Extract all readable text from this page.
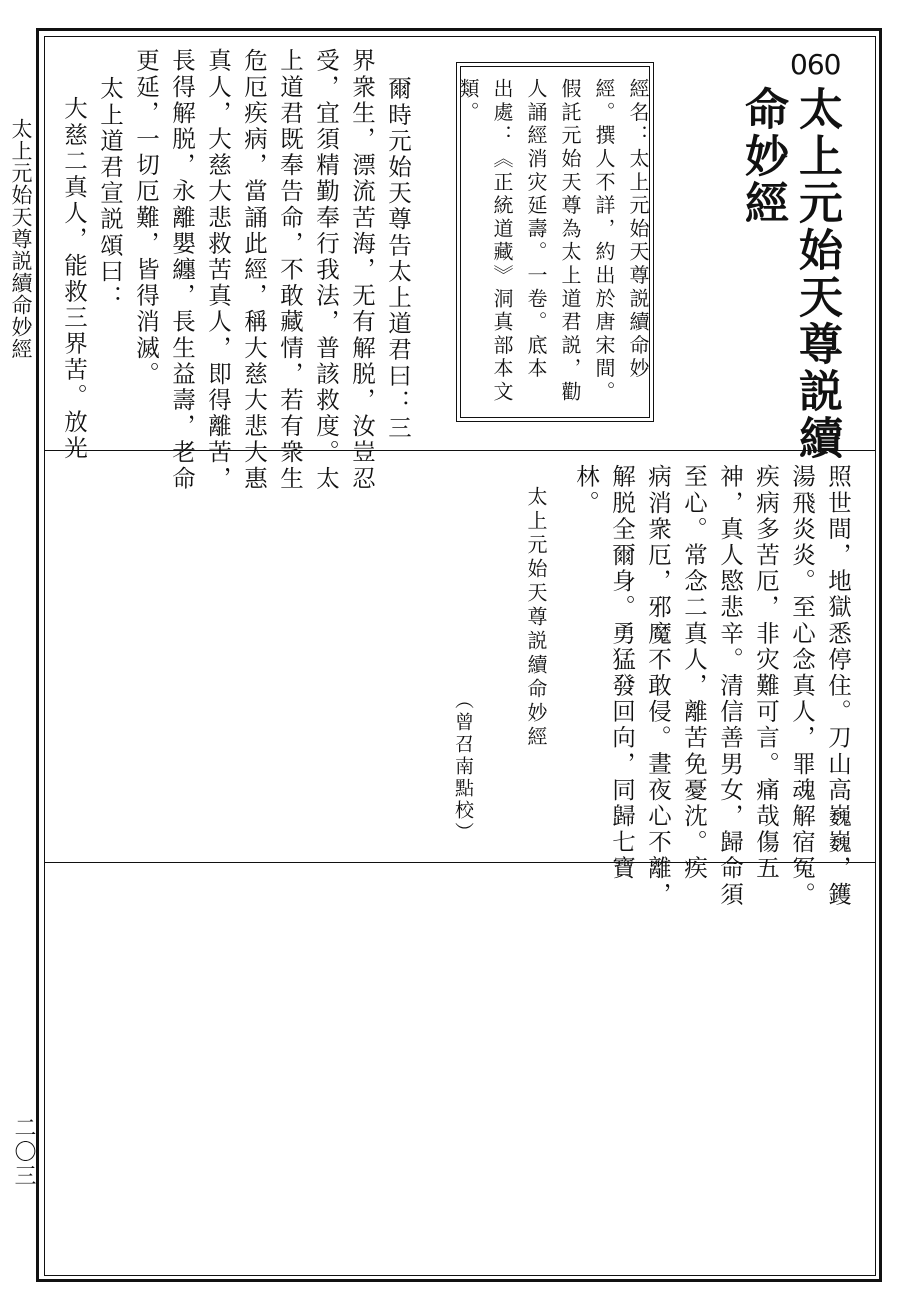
太上元始天尊説續命妙經
二〇三
060
太上元始天尊説續
命妙經
經名：太上元始天尊説續命妙
經。撰人不詳，約出於唐宋間。
假託元始天尊為太上道君説，勸
人誦經消灾延壽。一卷。底本
出處：《正統道藏》洞真部本文
類。
爾時元始天尊告太上道君曰：三
界衆生，漂流苦海，无有解脱，汝豈忍
受，宜須精勤奉行我法，普該救度。太
上道君既奉告命，不敢藏情，若有衆生
危厄疾病，當誦此經，稱大慈大悲大惠
真人，大慈大悲救苦真人，即得離苦，
長得解脱，永離嬰纏，長生益壽，老命
更延，一切厄難，皆得消滅。
太上道君宣説頌曰：
大慈二真人，能救三界苦。放光
照世間，地獄悉停住。刀山高巍巍，鑊
湯飛炎炎。至心念真人，罪魂解宿冤。
疾病多苦厄，非灾難可言。痛哉傷五
神，真人愍悲辛。清信善男女，歸命須
至心。常念二真人，離苦免憂沈。疾
病消衆厄，邪魔不敢侵。晝夜心不離，
解脱全爾身。勇猛發回向，同歸七寶
林。
太上元始天尊説續命妙經
（曾召南點校）
